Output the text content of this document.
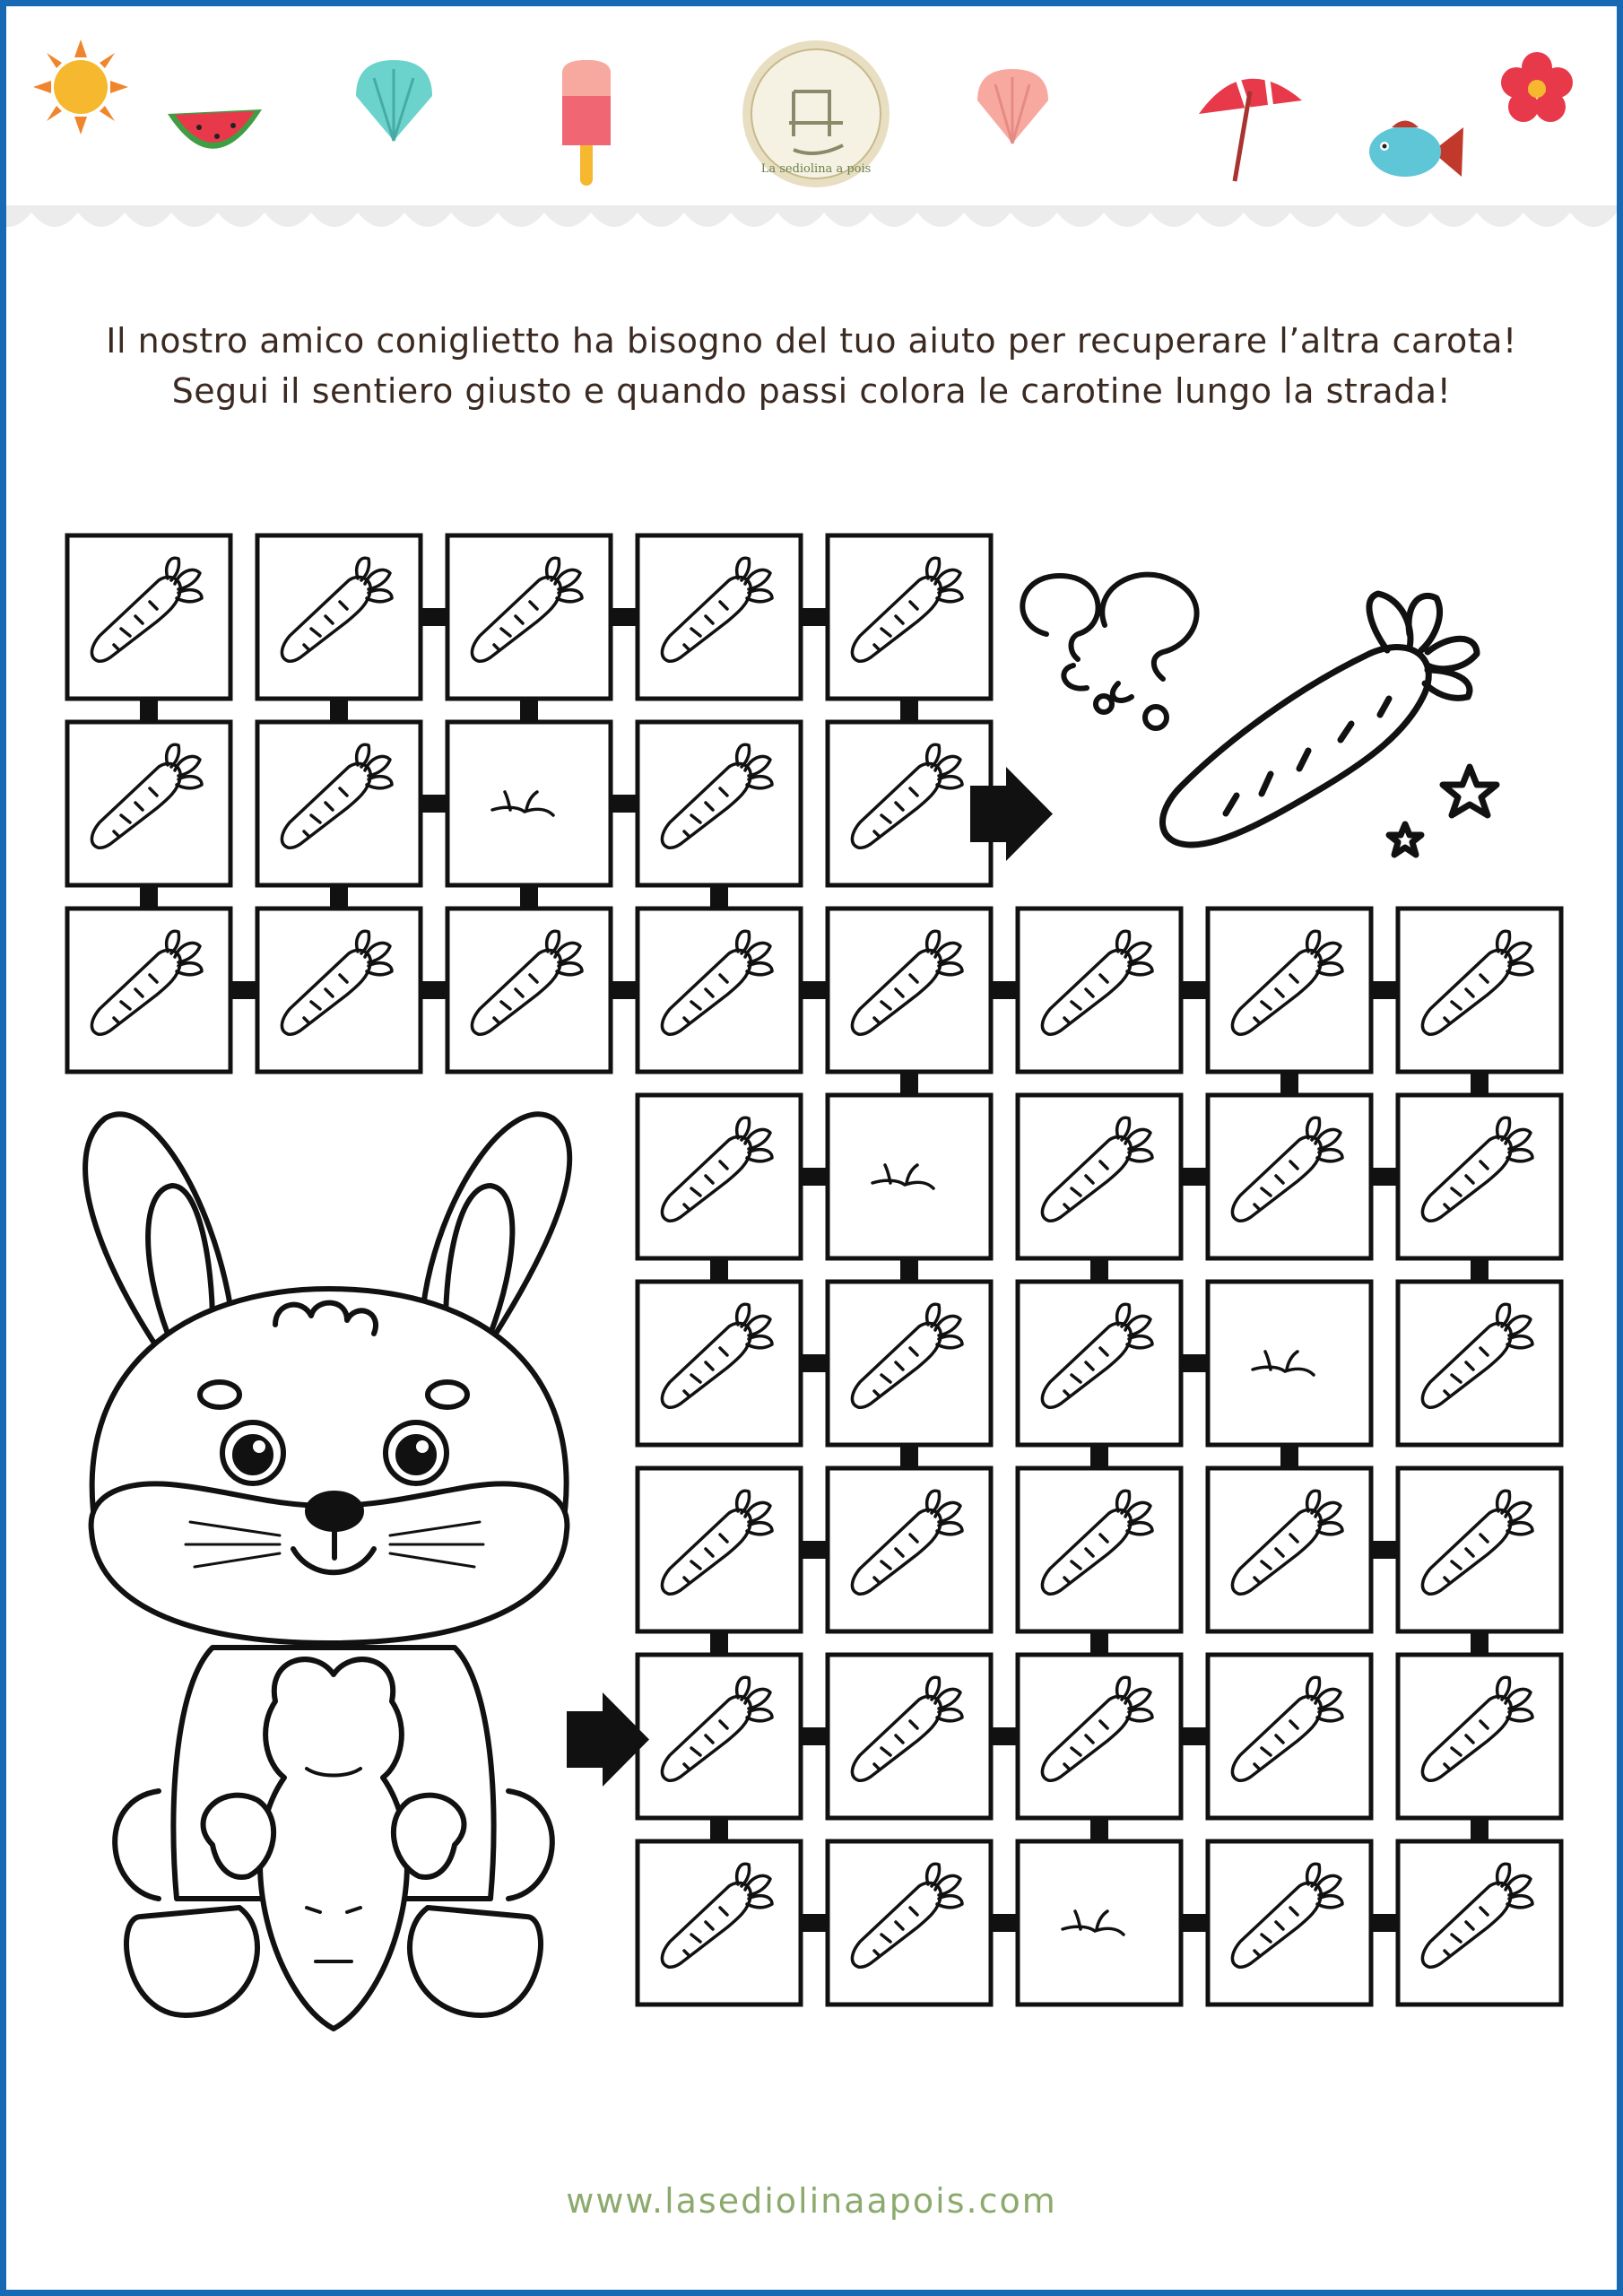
La sediolina a pois
Il nostro amico coniglietto ha bisogno del tuo aiuto per recuperare l’altra carota!
Segui il sentiero giusto e quando passi colora le carotine lungo la strada!
www.lasediolinaapois.com
